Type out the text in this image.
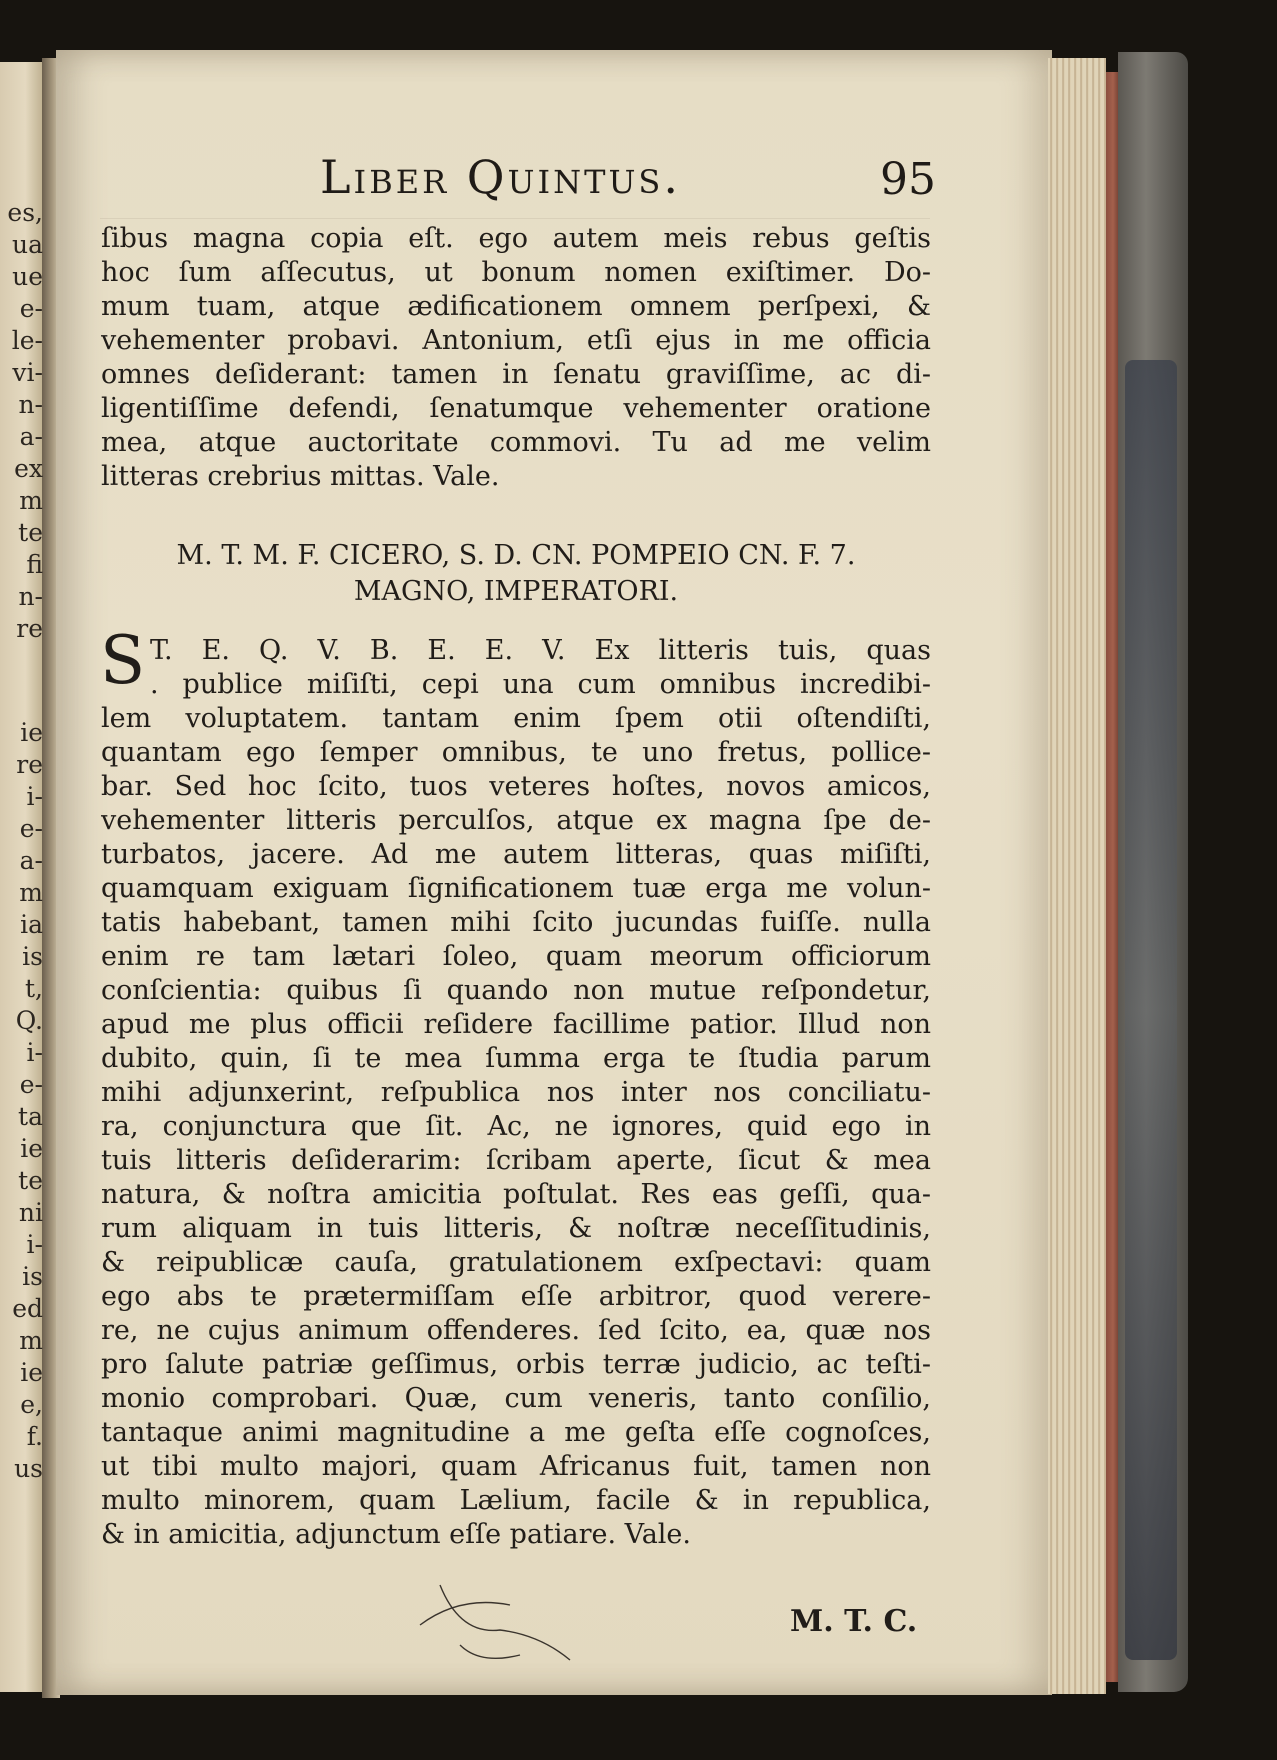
es,
ua
ue
e-
le-
vi-
n-
a-
ex
m
te
fi
n-
re
ie
re
i-
e-
a-
m
ia
is
t,
Q.
i-
e-
ta
ie
te
ni
i-
is
ed
m
ie
e,
f.
us
Liber Quintus.	95
ſibus magna copia eſt. ego autem meis rebus geſtis
hoc ſum aſſecutus, ut bonum nomen exiſtimer. Do-
mum tuam, atque ædificationem omnem perſpexi, &
vehementer probavi. Antonium, etſi ejus in me officia
omnes deſiderant: tamen in ſenatu graviſſime, ac di-
ligentiſſime defendi, ſenatumque vehementer oratione
mea, atque auctoritate commovi. Tu ad me velim
litteras crebrius mittas. Vale.
M. T. M. F. CICERO, S. D. CN. POMPEIO CN. F. 7.
MAGNO, IMPERATORI.
S T. E. Q. V. B. E. E. V. Ex litteris tuis, quas
. publice miſiſti, cepi una cum omnibus incredibi-
lem voluptatem. tantam enim ſpem otii oſtendiſti,
quantam ego ſemper omnibus, te uno fretus, pollice-
bar. Sed hoc ſcito, tuos veteres hoſtes, novos amicos,
vehementer litteris perculſos, atque ex magna ſpe de-
turbatos, jacere. Ad me autem litteras, quas miſiſti,
quamquam exiguam ſignificationem tuæ erga me volun-
tatis habebant, tamen mihi ſcito jucundas fuiſſe. nulla
enim re tam lætari ſoleo, quam meorum officiorum
conſcientia: quibus ſi quando non mutue reſpondetur,
apud me plus officii reſidere facillime patior. Illud non
dubito, quin, ſi te mea ſumma erga te ſtudia parum
mihi adjunxerint, reſpublica nos inter nos conciliatu-
ra, conjunctura que ſit. Ac, ne ignores, quid ego in
tuis litteris deſiderarim: ſcribam aperte, ſicut & mea
natura, & noſtra amicitia poſtulat. Res eas geſſi, qua-
rum aliquam in tuis litteris, & noſtræ neceſſitudinis,
& reipublicæ cauſa, gratulationem exſpectavi: quam
ego abs te prætermiſſam eſſe arbitror, quod verere-
re, ne cujus animum offenderes. ſed ſcito, ea, quæ nos
pro ſalute patriæ geſſimus, orbis terræ judicio, ac teſti-
monio comprobari. Quæ, cum veneris, tanto conſilio,
tantaque animi magnitudine a me geſta eſſe cognoſces,
ut tibi multo majori, quam Africanus fuit, tamen non
multo minorem, quam Lælium, facile & in republica,
& in amicitia, adjunctum eſſe patiare. Vale.
M. T. C.
